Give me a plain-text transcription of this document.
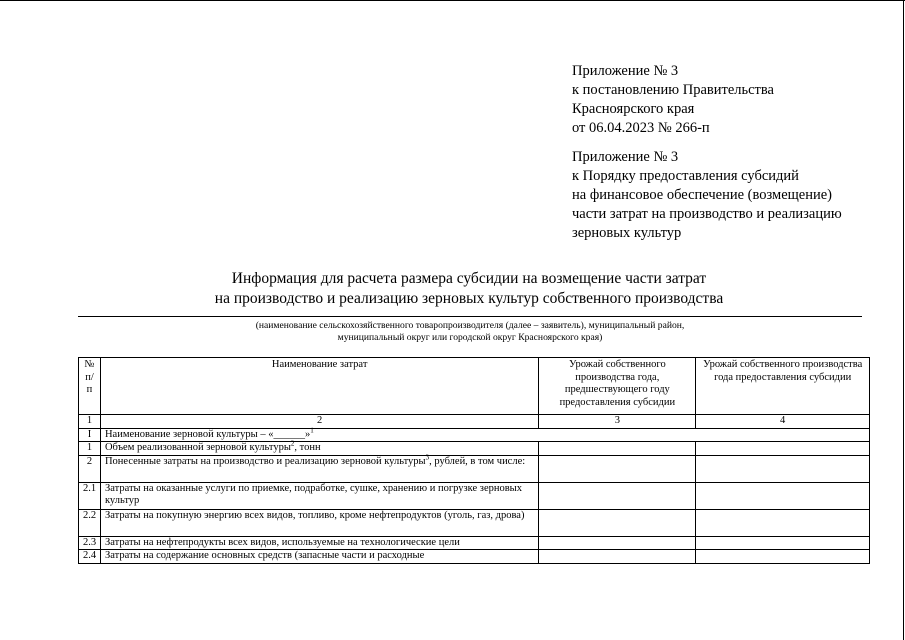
Приложение № 3
к постановлению Правительства
Красноярского края
от 06.04.2023 № 266-п
Приложение № 3
к Порядку предоставления субсидий
на финансовое обеспечение (возмещение)
части затрат на производство и реализацию
зерновых культур
Информация для расчета размера субсидии на возмещение части затрат
на производство и реализацию зерновых культур собственного производства
(наименование сельскохозяйственного товаропроизводителя (далее – заявитель), муниципальный район,
муниципальный округ или городской округ Красноярского края)
№ п/п	Наименование затрат	Урожай собственного производства года, предшествующего году предоставления субсидии	Урожай собственного производства года предоставления субсидии
1	2	3	4
I	Наименование зерновой культуры – «______»$^1$
1	Объем реализованной зерновой культуры$^2$, тонн		
2	Понесенные затраты на производство и реализацию зерновой культуры$^3$, рублей, в том числе:		
2.1	Затраты на оказанные услуги по приемке, подработке, сушке, хранению и погрузке зерновых культур		
2.2	Затраты на покупную энергию всех видов, топливо, кроме нефтепродуктов (уголь, газ, дрова)		
2.3	Затраты на нефтепродукты всех видов, используемые на технологические цели		
2.4	Затраты на содержание основных средств (запасные части и расходные		
